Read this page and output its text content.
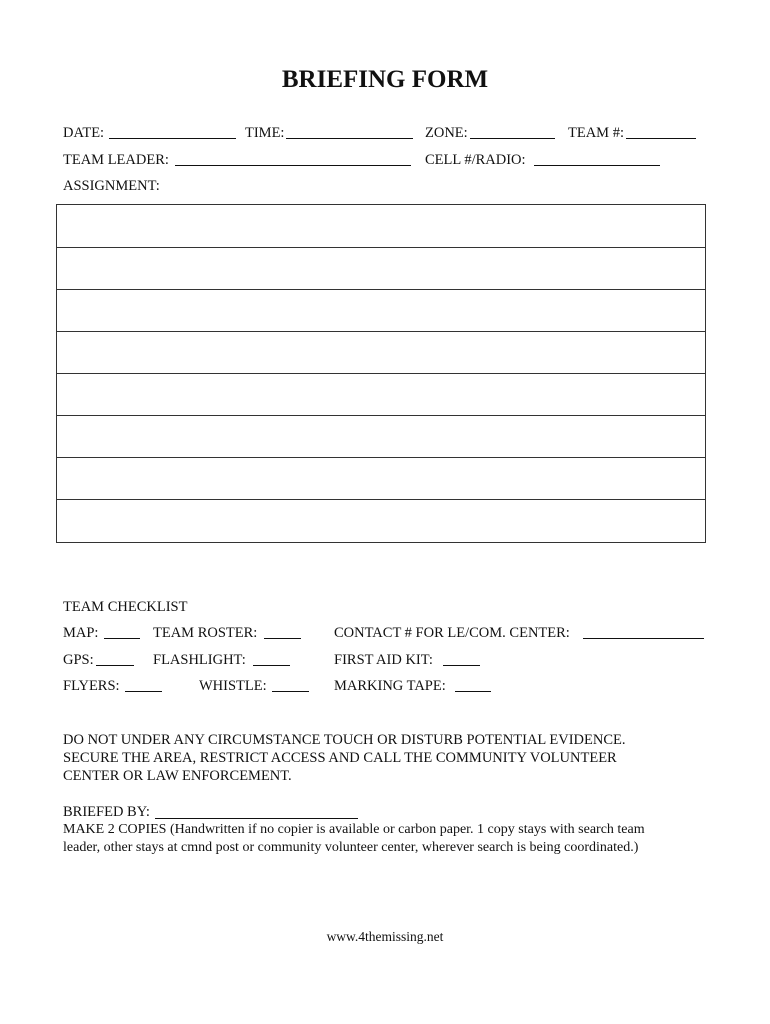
BRIEFING FORM
DATE:	TIME:	ZONE:	TEAM #:
TEAM LEADER:	CELL #/RADIO:
ASSIGNMENT:
TEAM CHECKLIST
MAP:	TEAM ROSTER:	CONTACT # FOR LE/COM. CENTER:
GPS:	FLASHLIGHT:	FIRST AID KIT:
FLYERS:	WHISTLE:	MARKING TAPE:
DO NOT UNDER ANY CIRCUMSTANCE TOUCH OR DISTURB POTENTIAL EVIDENCE.
SECURE THE AREA, RESTRICT ACCESS AND CALL THE COMMUNITY VOLUNTEER
CENTER OR LAW ENFORCEMENT.
BRIEFED BY:
MAKE 2 COPIES (Handwritten if no copier is available or carbon paper. 1 copy stays with search team
leader, other stays at cmnd post or community volunteer center, wherever search is being coordinated.)
www.4themissing.net
